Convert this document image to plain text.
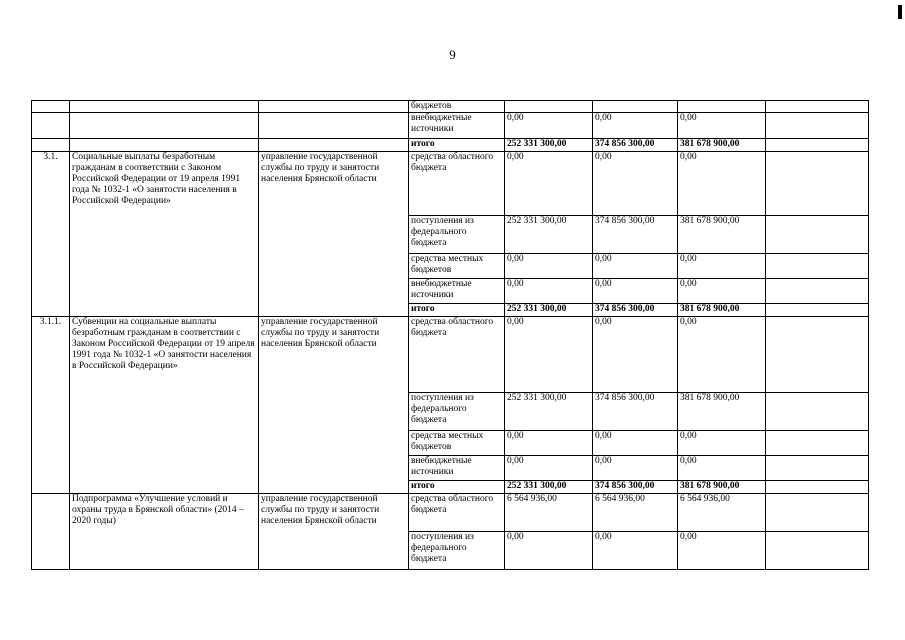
9
			бюджетов				
			внебюджетные источники	0,00	0,00	0,00	
			итого	252 331 300,00	374 856 300,00	381 678 900,00	
3.1.	Социальные выплаты безработным гражданам в соответствии с Законом Российской Федерации от 19 апреля 1991 года № 1032-1 «О занятости населения в Российской Федерации»	управление государственной службы по труду и занятости населения Брянской области	средства областного бюджета	0,00	0,00	0,00	
			поступления из федерального бюджета	252 331 300,00	374 856 300,00	381 678 900,00	
			средства местных бюджетов	0,00	0,00	0,00	
			внебюджетные источники	0,00	0,00	0,00	
			итого	252 331 300,00	374 856 300,00	381 678 900,00	
3.1.1.	Субвенции на социальные выплаты безработным гражданам в соответствии с Законом Российской Федерации от 19 апреля 1991 года № 1032-1 «О занятости населения в Российской Федерации»	управление государственной службы по труду и занятости населения Брянской области	средства областного бюджета	0,00	0,00	0,00	
			поступления из федерального бюджета	252 331 300,00	374 856 300,00	381 678 900,00	
			средства местных бюджетов	0,00	0,00	0,00	
			внебюджетные источники	0,00	0,00	0,00	
			итого	252 331 300,00	374 856 300,00	381 678 900,00	
	Подпрограмма «Улучшение условий и охраны труда в Брянской области» (2014 – 2020 годы)	управление государственной службы по труду и занятости населения Брянской области	средства областного бюджета	6 564 936,00	6 564 936,00	6 564 936,00	
			поступления из федерального бюджета	0,00	0,00	0,00	
